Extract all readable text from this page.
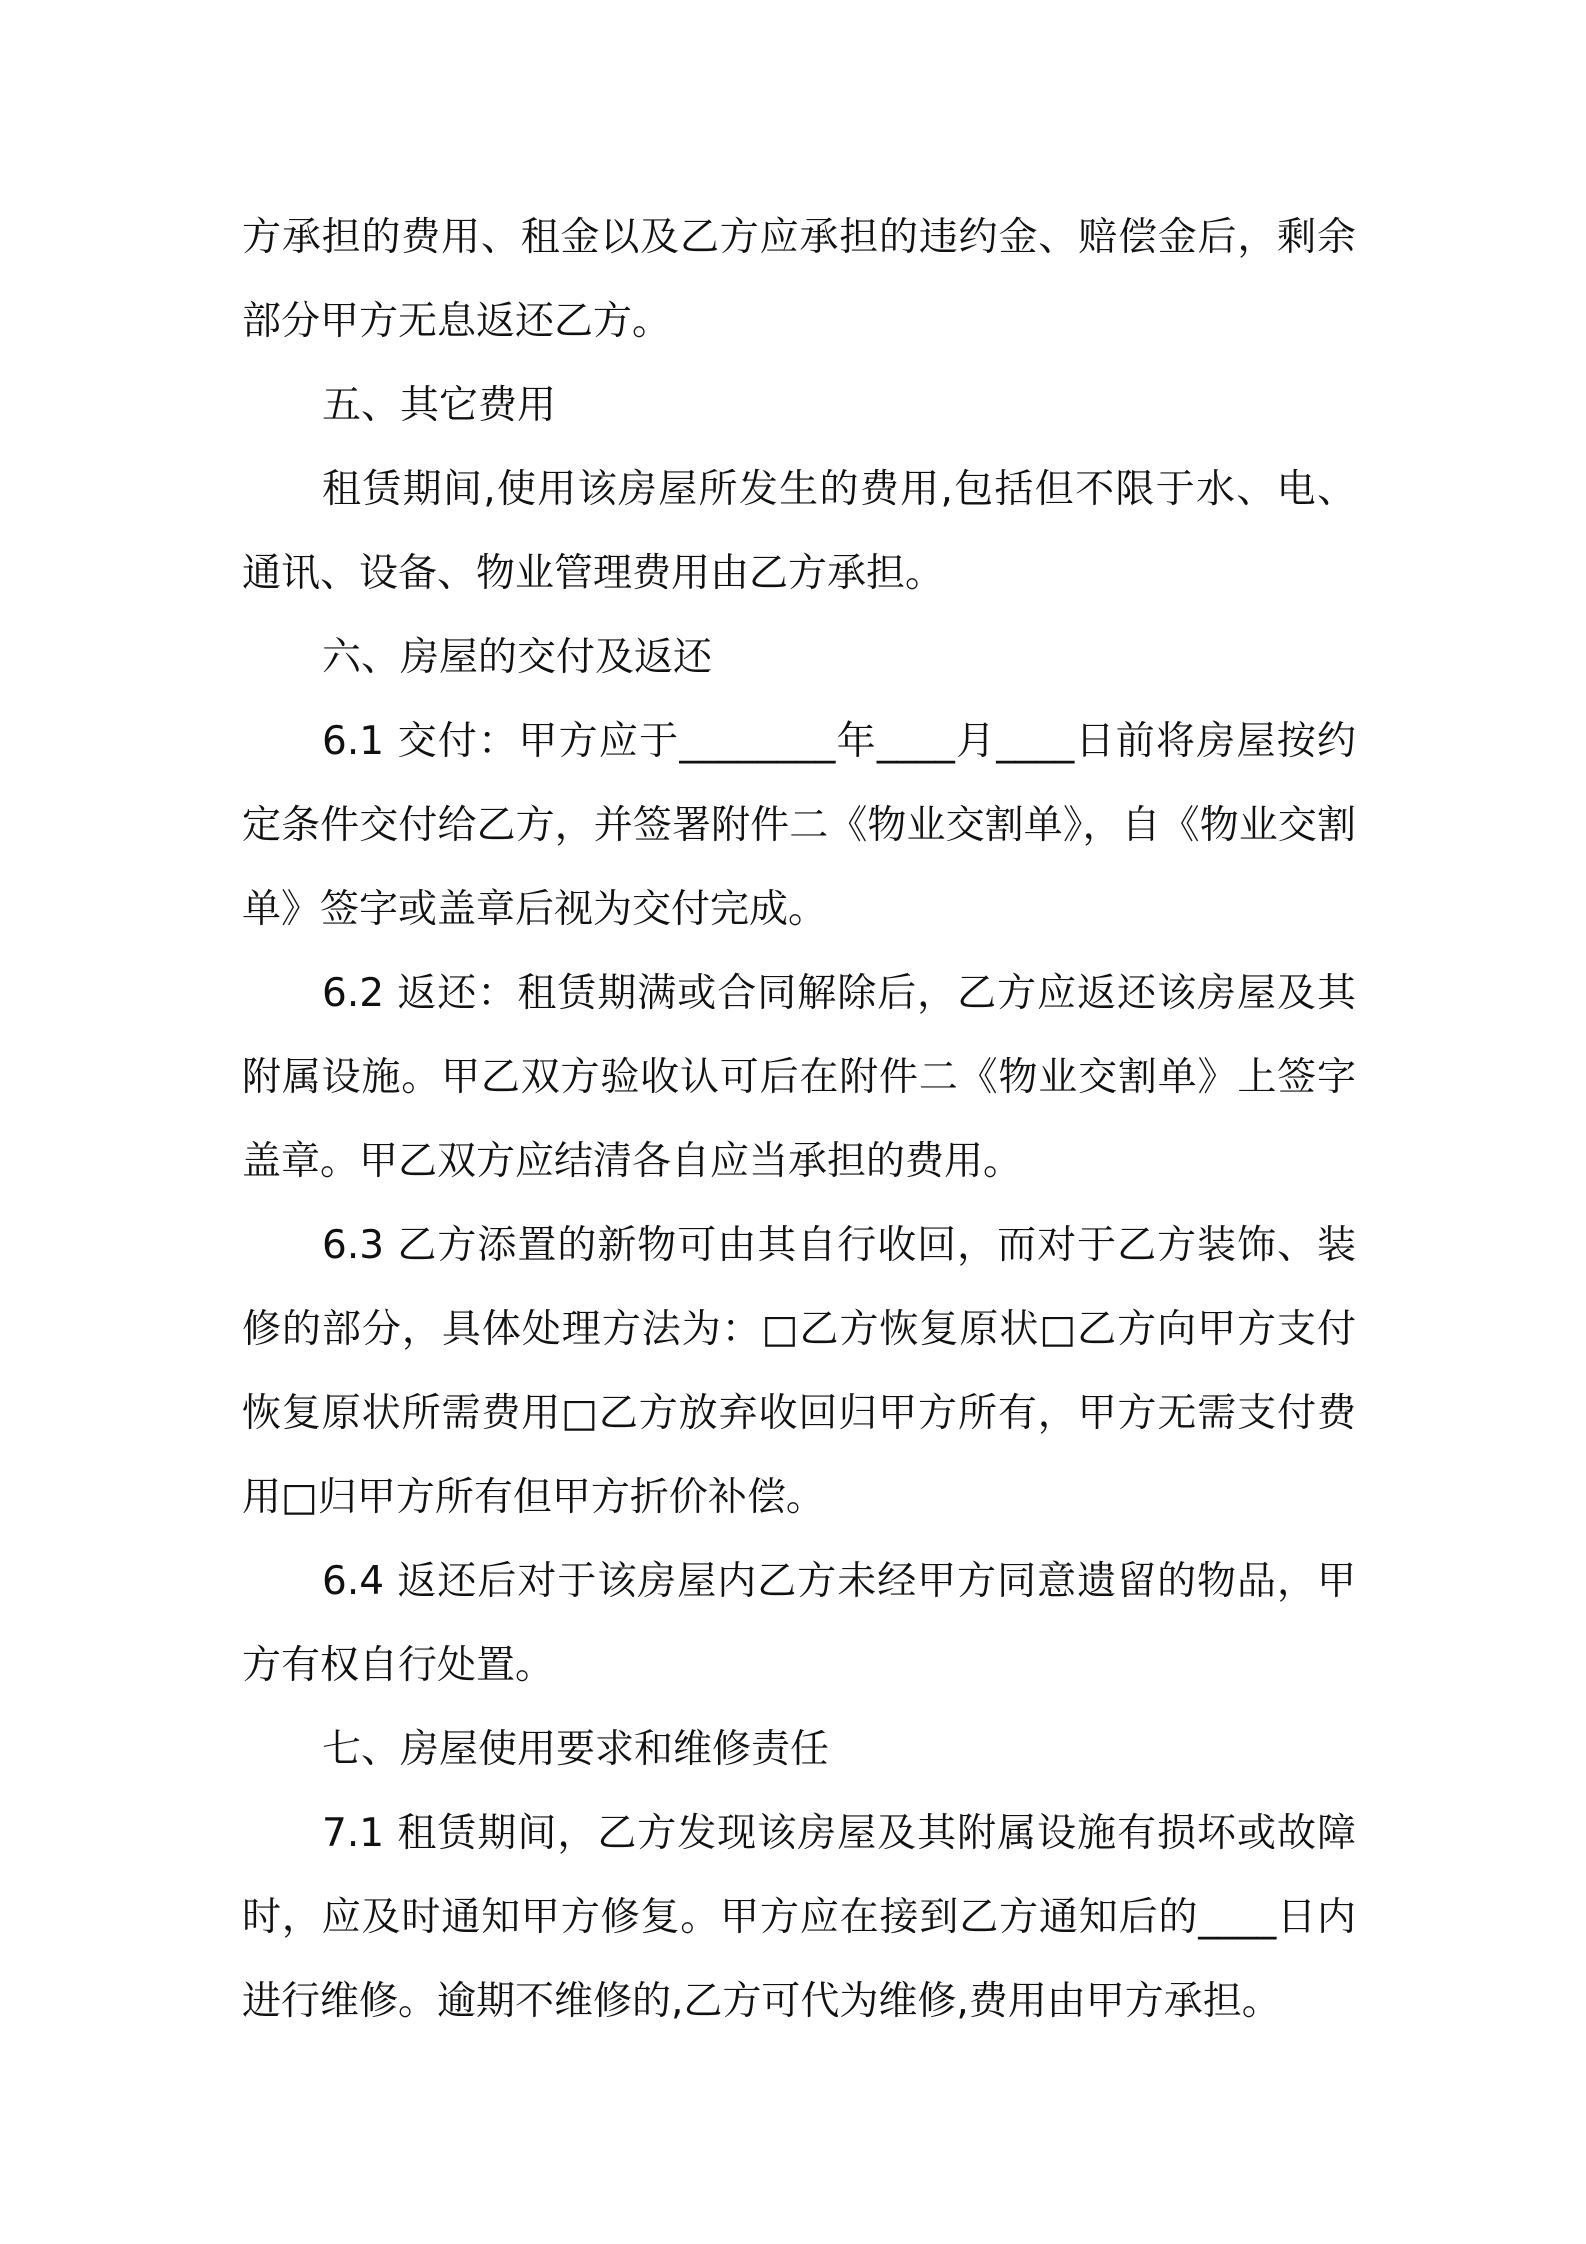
方承担的费用、租金以及乙方应承担的违约金、赔偿金后，剩余部分甲方无息返还乙方。

五、其它费用

租赁期间,使用该房屋所发生的费用,包括但不限于水、电、通讯、设备、物业管理费用由乙方承担。

六、房屋的交付及返还

6.1 交付：甲方应于________年____月____日前将房屋按约定条件交付给乙方，并签署附件二《物业交割单》，自《物业交割单》签字或盖章后视为交付完成。

6.2 返还：租赁期满或合同解除后，乙方应返还该房屋及其附属设施。甲乙双方验收认可后在附件二《物业交割单》上签字盖章。甲乙双方应结清各自应当承担的费用。

6.3 乙方添置的新物可由其自行收回，而对于乙方装饰、装修的部分，具体处理方法为：□乙方恢复原状□乙方向甲方支付恢复原状所需费用□乙方放弃收回归甲方所有，甲方无需支付费用□归甲方所有但甲方折价补偿。

6.4 返还后对于该房屋内乙方未经甲方同意遗留的物品，甲方有权自行处置。

七、房屋使用要求和维修责任

7.1 租赁期间，乙方发现该房屋及其附属设施有损坏或故障时，应及时通知甲方修复。甲方应在接到乙方通知后的____日内进行维修。逾期不维修的,乙方可代为维修,费用由甲方承担。
